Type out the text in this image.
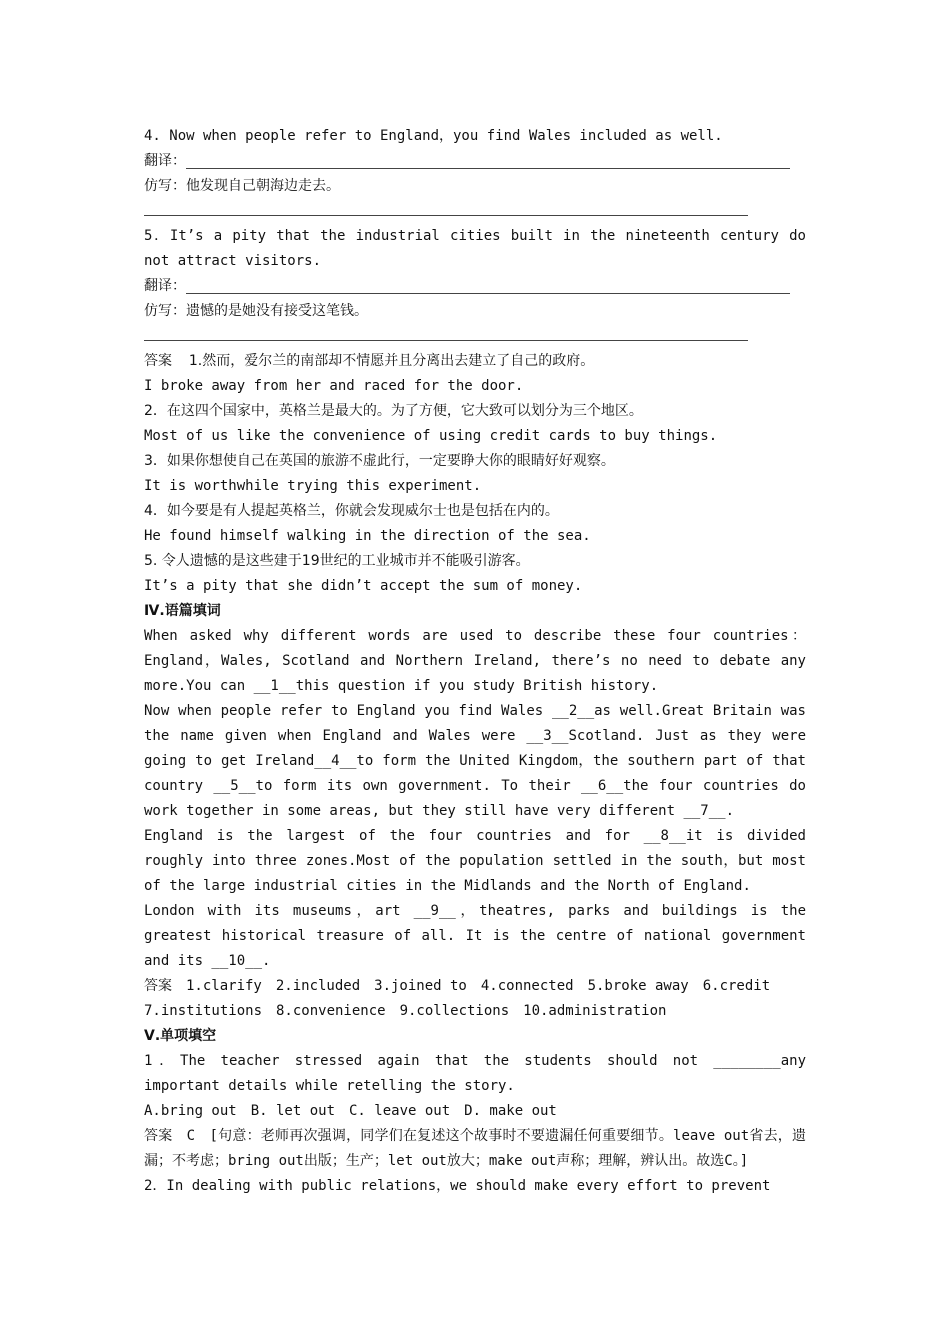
4. Now when people refer to England，you find Wales included as well.
翻译：
仿写：他发现自己朝海边走去。
5．It’s a pity that the industrial cities built in the nineteenth century do not attract visitors.
翻译：
仿写：遗憾的是她没有接受这笔钱。
答案 1.然而，爱尔兰的南部却不情愿并且分离出去建立了自己的政府。
I broke away from her and raced for the door.
2．在这四个国家中，英格兰是最大的。为了方便，它大致可以划分为三个地区。
Most of us like the convenience of using credit cards to buy things.
3．如果你想使自己在英国的旅游不虚此行，一定要睁大你的眼睛好好观察。
It is worthwhile trying this experiment.
4．如今要是有人提起英格兰，你就会发现威尔士也是包括在内的。
He found himself walking in the direction of the sea.
5. 令人遗憾的是这些建于19世纪的工业城市并不能吸引游客。
It’s a pity that she didn’t accept the sum of money.
Ⅳ.语篇填词
When asked why different words are used to describe these four countries：England，Wales, Scotland and Northern Ireland, there’s no need to debate any more.You can __1__this question if you study British history.
Now when people refer to England you find Wales __2__as well.Great Britain was the name given when England and Wales were __3__Scotland. Just as they were going to get Ireland__4__to form the United Kingdom，the southern part of that country __5__to form its own government. To their __6__the four countries do work together in some areas, but they still have very different __7__.
England is the largest of the four countries and for __8__it is divided roughly into three zones.Most of the population settled in the south，but most of the large industrial cities in the Midlands and the North of England.
London with its museums，art __9__，theatres, parks and buildings is the greatest historical treasure of all. It is the centre of national government and its __10__.
答案　1.clarify　2.included　3.joined to　4.connected　5.broke away　6.credit　7.institutions　8.convenience　9.collections　10.administration
Ⅴ.单项填空
1．The teacher stressed again that the students should not ________any important details while retelling the story.
A.bring out　B. let out　C. leave out　D. make out
答案　C　[句意：老师再次强调，同学们在复述这个故事时不要遗漏任何重要细节。leave out省去，遗漏；不考虑；bring out出版；生产；let out放大；make out声称；理解，辨认出。故选C。]
2．In dealing with public relations，we should make every effort to prevent
